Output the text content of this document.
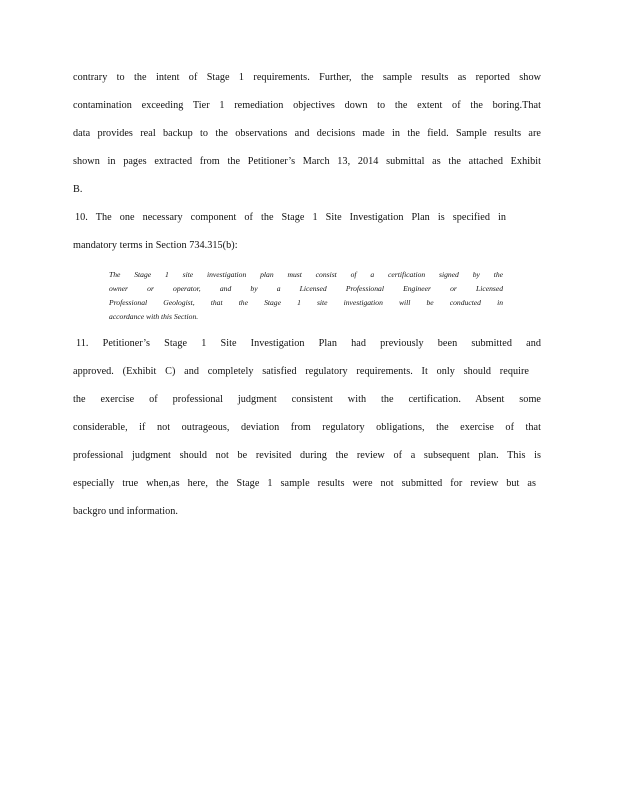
contrary to the intent of Stage 1 requirements. Further, the sample results as reported show
contamination exceeding Tier 1 remediation objectives down to the extent of the boring.That
data provides real backup to the observations and decisions made in the field. Sample results are
shown in pages extracted from the Petitioner’s March 13, 2014 submittal as the attached Exhibit
B.
10. The one necessary component of the Stage 1 Site Investigation Plan is specified in
mandatory terms in Section 734.315(b):
The Stage 1 site investigation plan must consist of a certification signed by the
owner or operator, and by a Licensed Professional Engineer or Licensed
Professional Geologist, that the Stage 1 site investigation will be conducted in
accordance with this Section.
11. Petitioner’s Stage 1 Site Investigation Plan had previously been submitted and
approved. (Exhibit C) and completely satisfied regulatory requirements. It only should require
the exercise of professional judgment consistent with the certification. Absent some
considerable, if not outrageous, deviation from regulatory obligations, the exercise of that
professional judgment should not be revisited during the review of a subsequent plan. This is
especially true when,as here, the Stage 1 sample results were not submitted for review but as
backgro und information.
